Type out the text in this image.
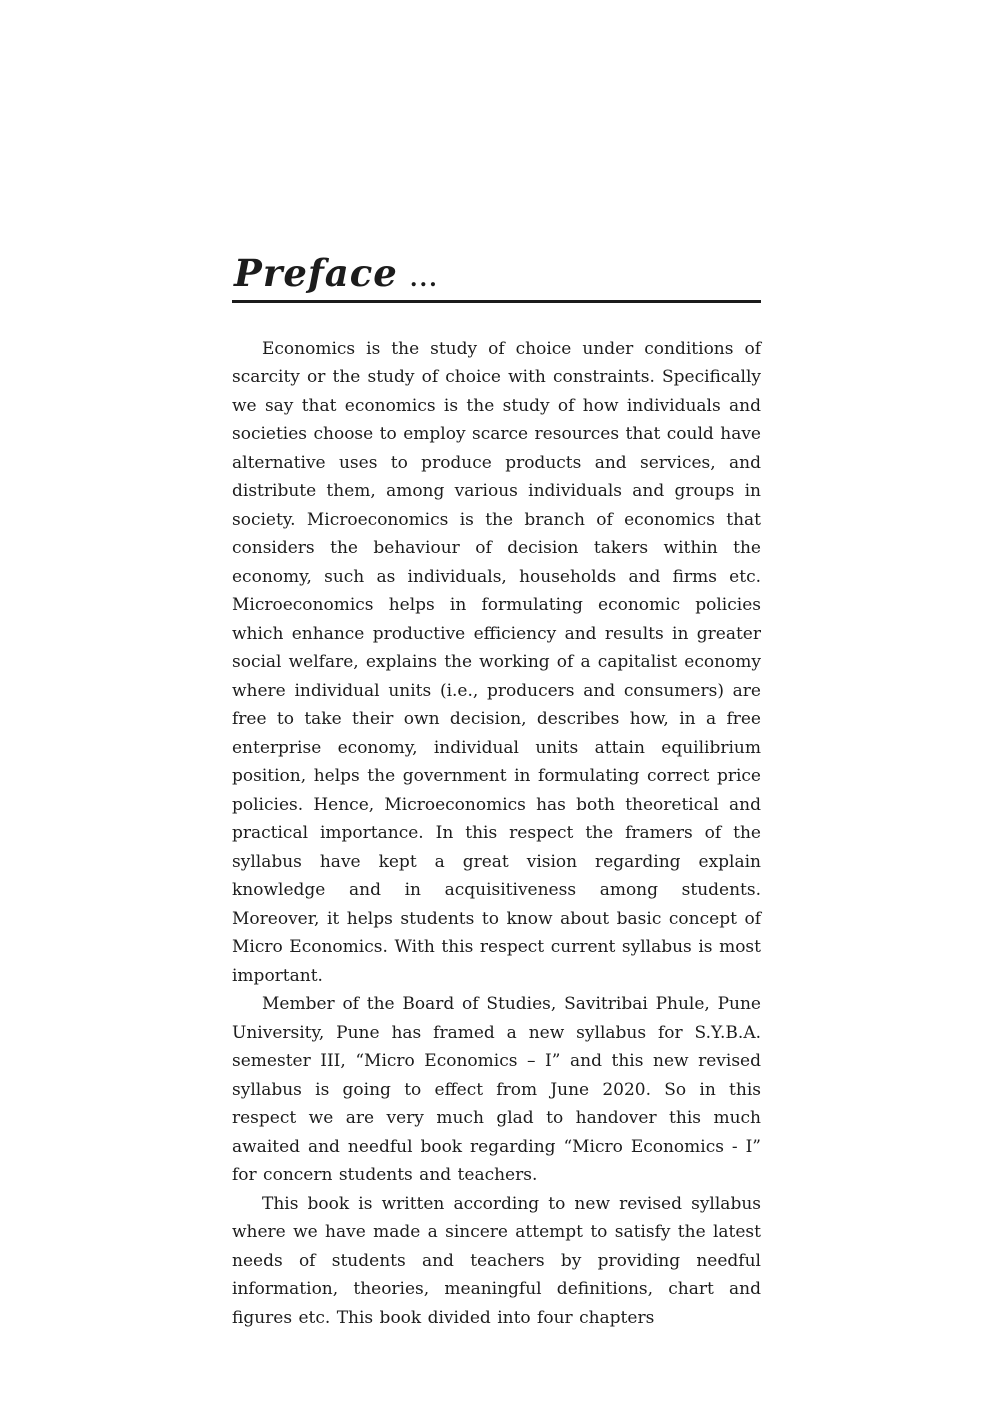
Preface ...

Economics is the study of choice under conditions of scarcity or the study of choice with constraints. Specifically we say that economics is the study of how individuals and societies choose to employ scarce resources that could have alternative uses to produce products and services, and distribute them, among various individuals and groups in society. Microeconomics is the branch of economics that considers the behaviour of decision takers within the economy, such as individuals, households and firms etc. Microeconomics helps in formulating economic policies which enhance productive efficiency and results in greater social welfare, explains the working of a capitalist economy where individual units (i.e., producers and consumers) are free to take their own decision, describes how, in a free enterprise economy, individual units attain equilibrium position, helps the government in formulating correct price policies. Hence, Microeconomics has both theoretical and practical importance. In this respect the framers of the syllabus have kept a great vision regarding explain knowledge and in acquisitiveness among students. Moreover, it helps students to know about basic concept of Micro Economics. With this respect current syllabus is most important.

Member of the Board of Studies, Savitribai Phule, Pune University, Pune has framed a new syllabus for S.Y.B.A. semester III, “Micro Economics – I” and this new revised syllabus is going to effect from June 2020. So in this respect we are very much glad to handover this much awaited and needful book regarding “Micro Economics - I” for concern students and teachers.

This book is written according to new revised syllabus where we have made a sincere attempt to satisfy the latest needs of students and teachers by providing needful information, theories, meaningful definitions, chart and figures etc. This book divided into four chapters
